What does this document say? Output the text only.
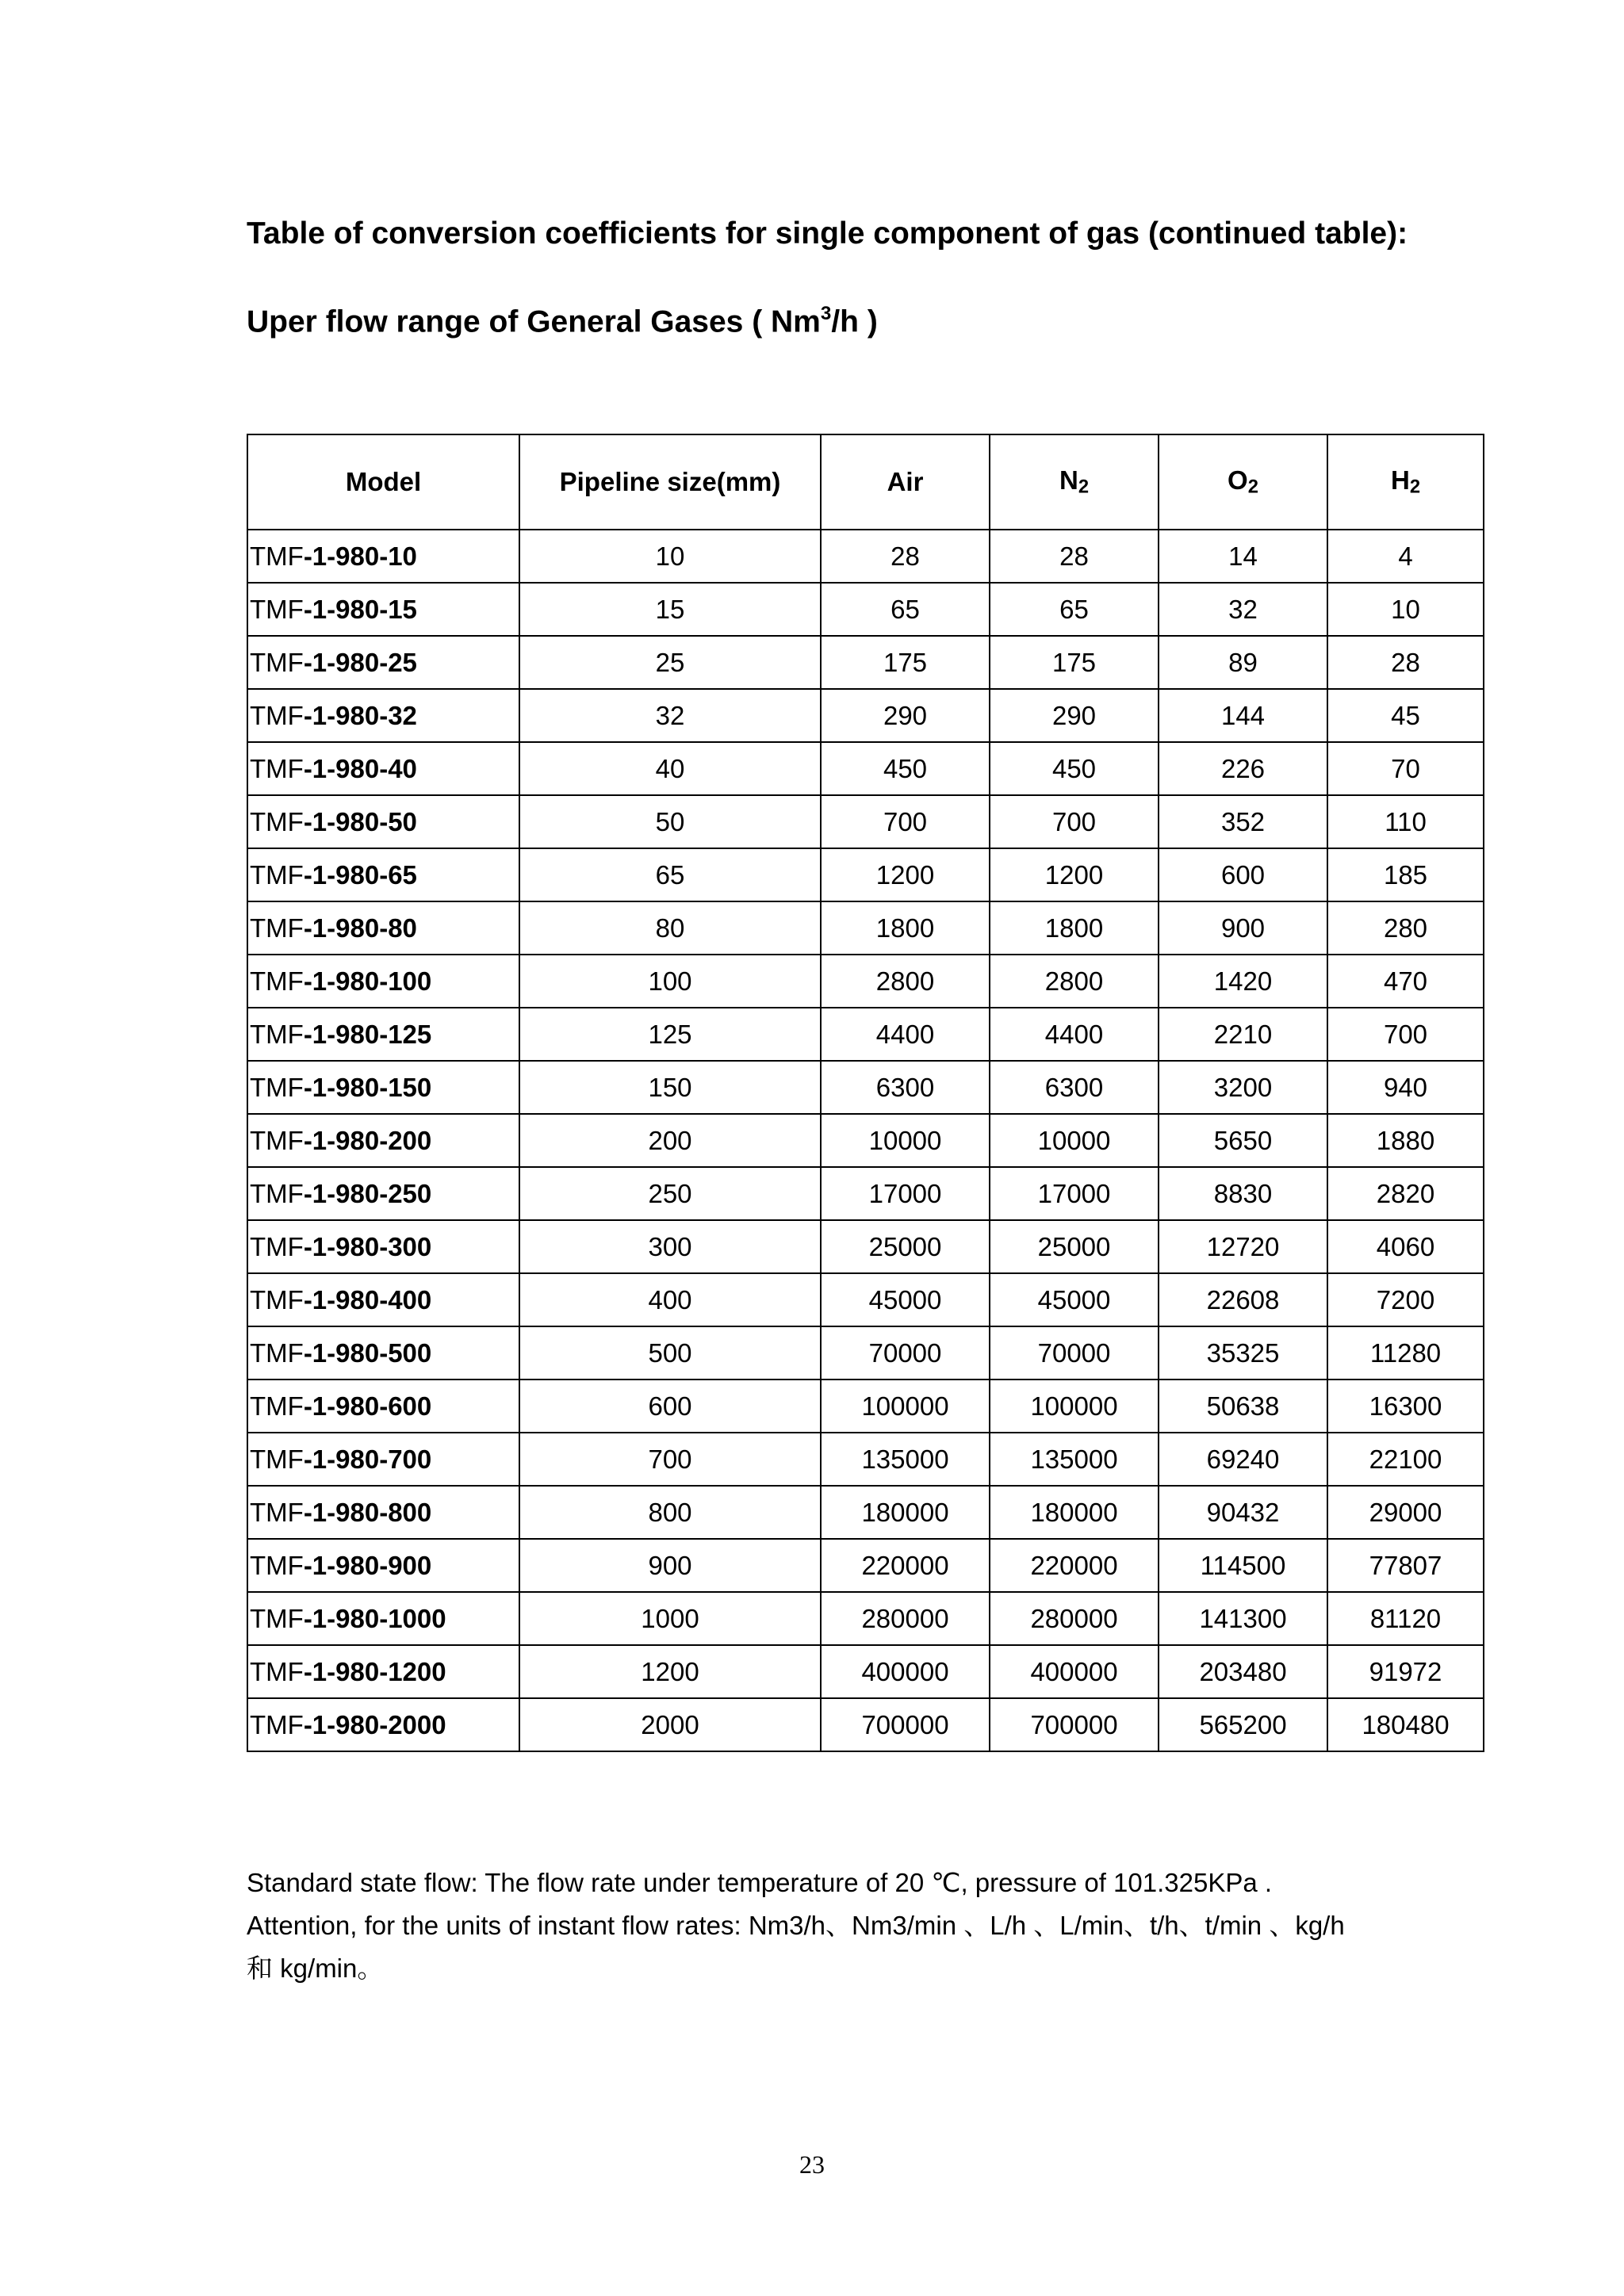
Table of conversion coefficients for single component of gas (continued table):
Uper flow range of General Gases ( Nm$^3$/h )
Model	Pipeline size(mm)	Air	N2	O2	H2
TMF-1-980-10	10	28	28	14	4
TMF-1-980-15	15	65	65	32	10
TMF-1-980-25	25	175	175	89	28
TMF-1-980-32	32	290	290	144	45
TMF-1-980-40	40	450	450	226	70
TMF-1-980-50	50	700	700	352	110
TMF-1-980-65	65	1200	1200	600	185
TMF-1-980-80	80	1800	1800	900	280
TMF-1-980-100	100	2800	2800	1420	470
TMF-1-980-125	125	4400	4400	2210	700
TMF-1-980-150	150	6300	6300	3200	940
TMF-1-980-200	200	10000	10000	5650	1880
TMF-1-980-250	250	17000	17000	8830	2820
TMF-1-980-300	300	25000	25000	12720	4060
TMF-1-980-400	400	45000	45000	22608	7200
TMF-1-980-500	500	70000	70000	35325	11280
TMF-1-980-600	600	100000	100000	50638	16300
TMF-1-980-700	700	135000	135000	69240	22100
TMF-1-980-800	800	180000	180000	90432	29000
TMF-1-980-900	900	220000	220000	114500	77807
TMF-1-980-1000	1000	280000	280000	141300	81120
TMF-1-980-1200	1200	400000	400000	203480	91972
TMF-1-980-2000	2000	700000	700000	565200	180480

Standard state flow: The flow rate under temperature of 20 ℃, pressure of 101.325KPa .

Attention, for the units of instant flow rates: Nm3/h、Nm3/min 、L/h 、L/min、t/h、t/min 、kg/h

和 kg/min。

23
